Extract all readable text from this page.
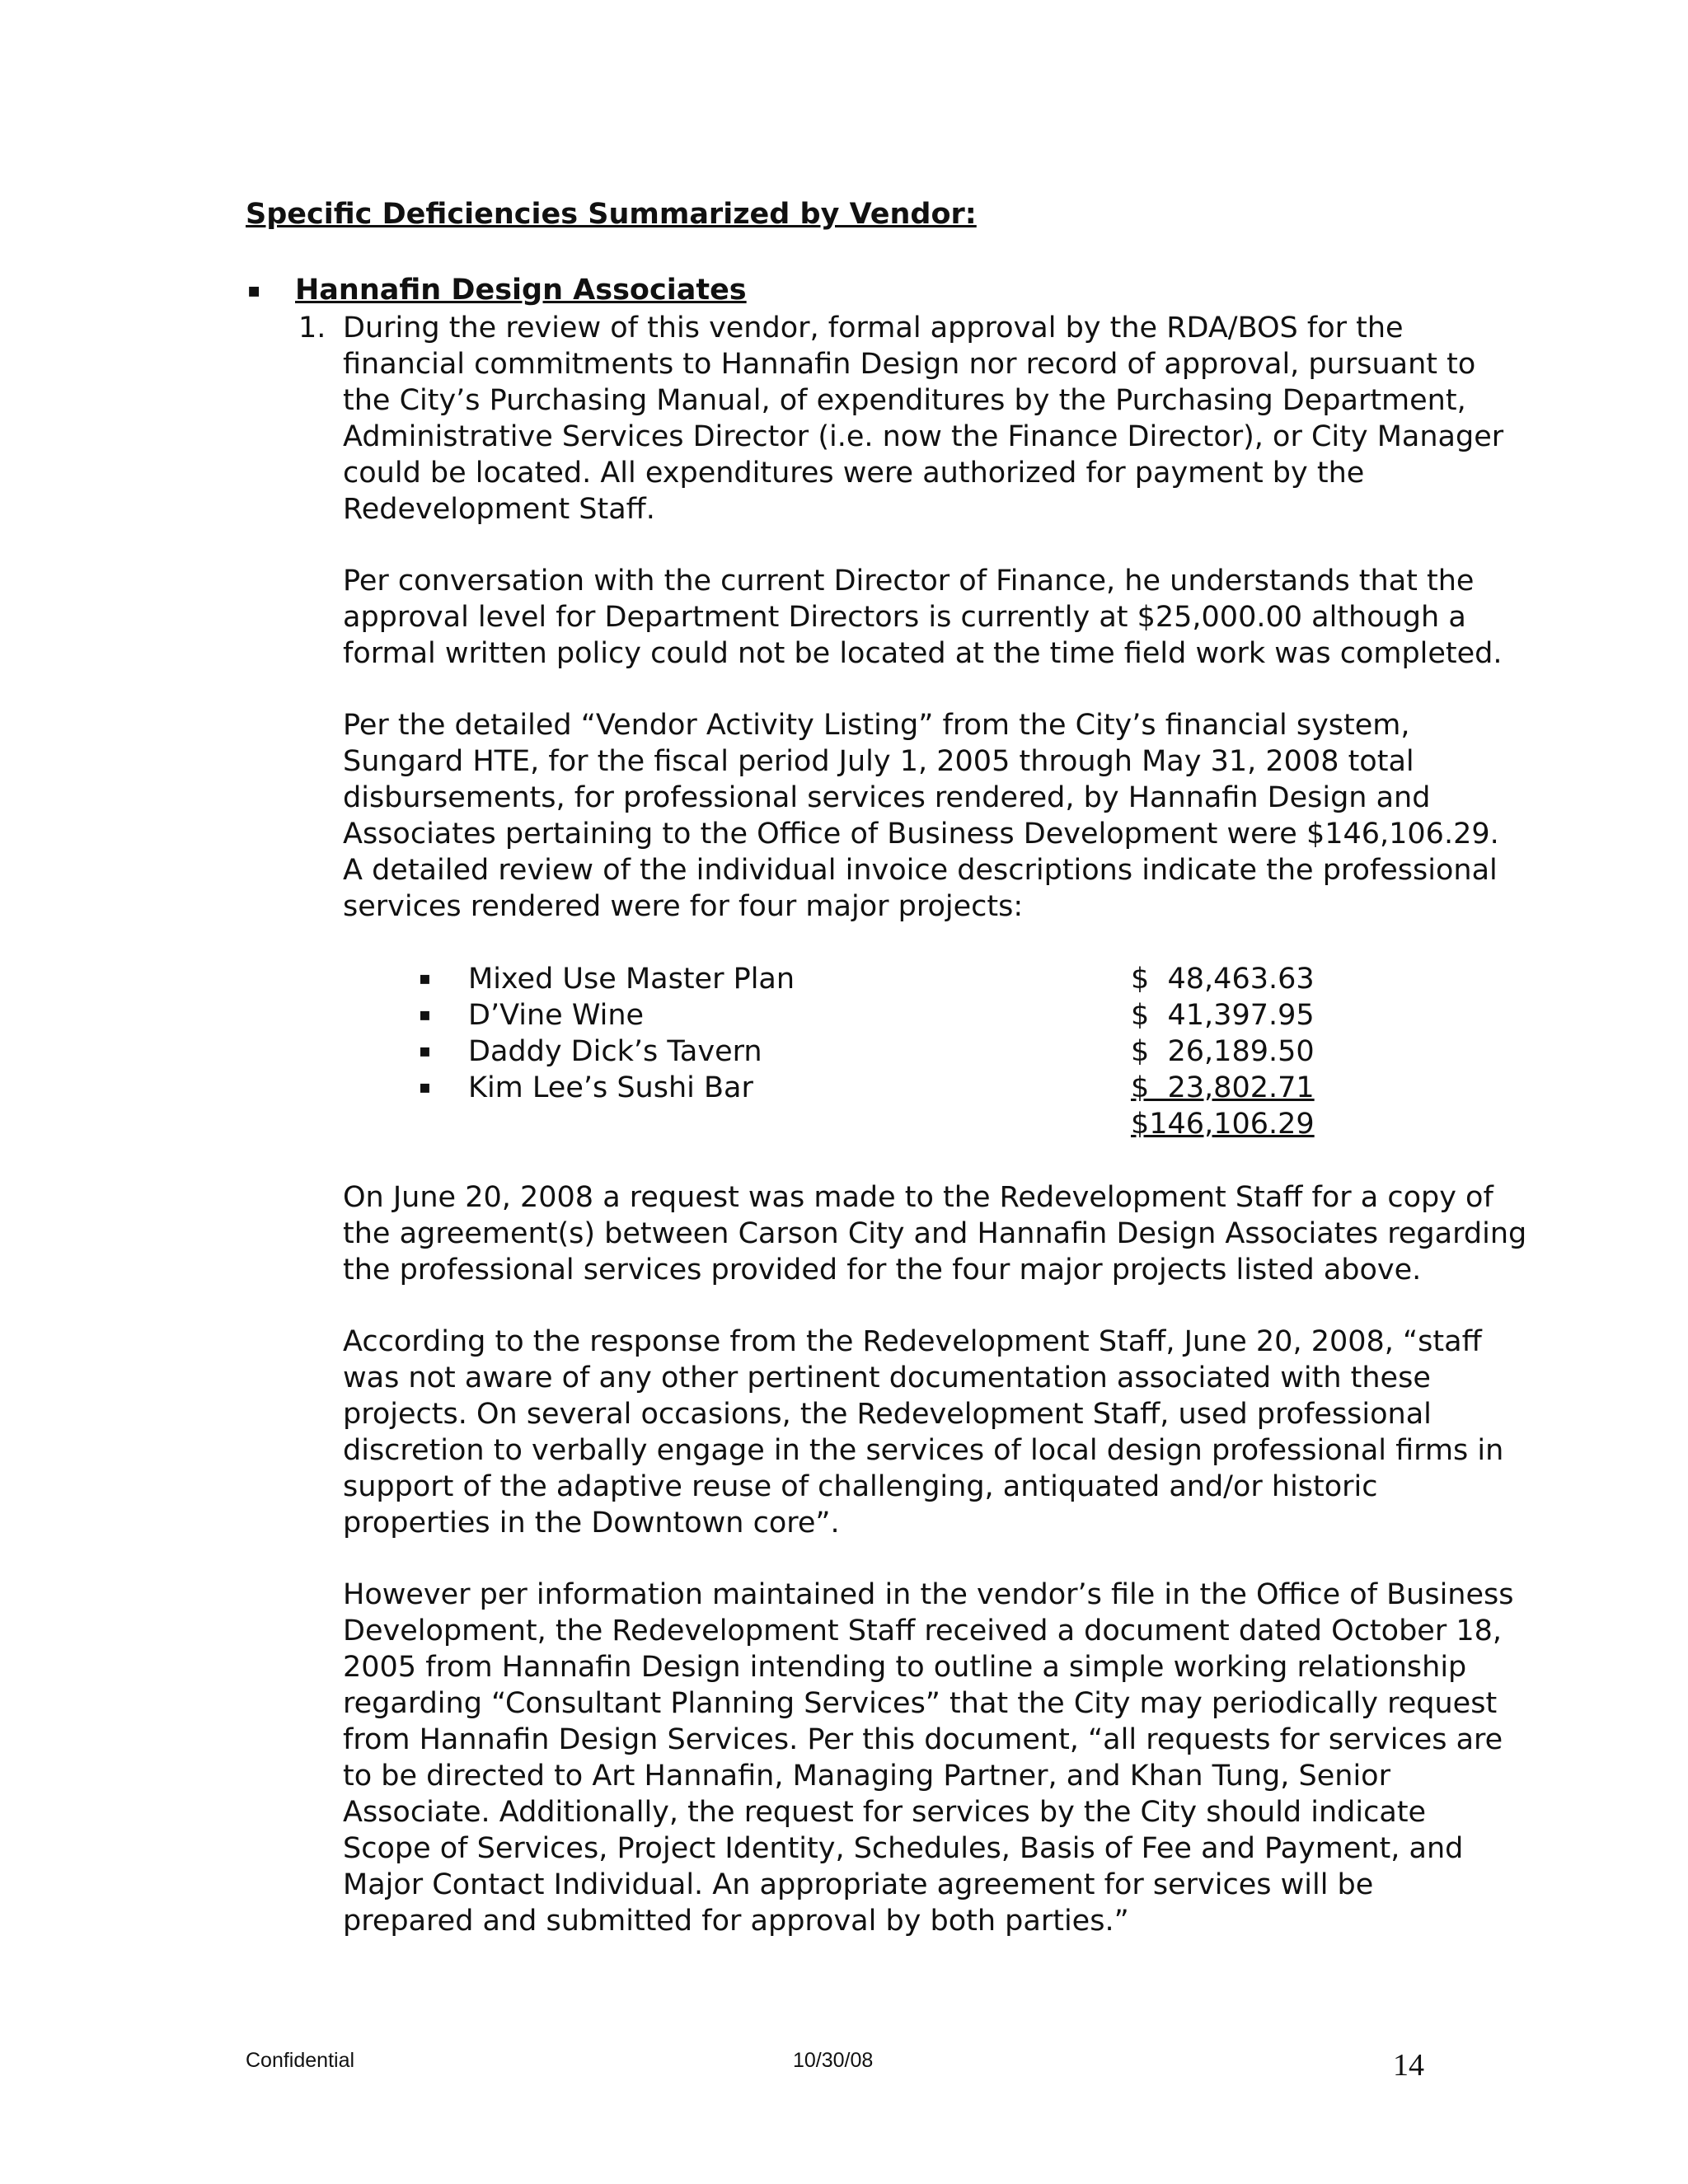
Specific Deficiencies Summarized by Vendor:
▪ Hannafin Design Associates
1. During the review of this vendor, formal approval by the RDA/BOS for the
financial commitments to Hannafin Design nor record of approval, pursuant to
the City’s Purchasing Manual, of expenditures by the Purchasing Department,
Administrative Services Director (i.e. now the Finance Director), or City Manager
could be located. All expenditures were authorized for payment by the
Redevelopment Staff.

Per conversation with the current Director of Finance, he understands that the
approval level for Department Directors is currently at $25,000.00 although a
formal written policy could not be located at the time field work was completed.

Per the detailed “Vendor Activity Listing” from the City’s financial system,
Sungard HTE, for the fiscal period July 1, 2005 through May 31, 2008 total
disbursements, for professional services rendered, by Hannafin Design and
Associates pertaining to the Office of Business Development were $146,106.29.
A detailed review of the individual invoice descriptions indicate the professional
services rendered were for four major projects:

▪ Mixed Use Master Plan	$  48,463.63
▪ D’Vine Wine	$  41,397.95
▪ Daddy Dick’s Tavern	$  26,189.50
▪ Kim Lee’s Sushi Bar	$  23,802.71
$146,106.29

On June 20, 2008 a request was made to the Redevelopment Staff for a copy of
the agreement(s) between Carson City and Hannafin Design Associates regarding
the professional services provided for the four major projects listed above.

According to the response from the Redevelopment Staff, June 20, 2008, “staff
was not aware of any other pertinent documentation associated with these
projects. On several occasions, the Redevelopment Staff, used professional
discretion to verbally engage in the services of local design professional firms in
support of the adaptive reuse of challenging, antiquated and/or historic
properties in the Downtown core”.

However per information maintained in the vendor’s file in the Office of Business
Development, the Redevelopment Staff received a document dated October 18,
2005 from Hannafin Design intending to outline a simple working relationship
regarding “Consultant Planning Services” that the City may periodically request
from Hannafin Design Services. Per this document, “all requests for services are
to be directed to Art Hannafin, Managing Partner, and Khan Tung, Senior
Associate. Additionally, the request for services by the City should indicate
Scope of Services, Project Identity, Schedules, Basis of Fee and Payment, and
Major Contact Individual. An appropriate agreement for services will be
prepared and submitted for approval by both parties.”

Confidential	10/30/08	14
